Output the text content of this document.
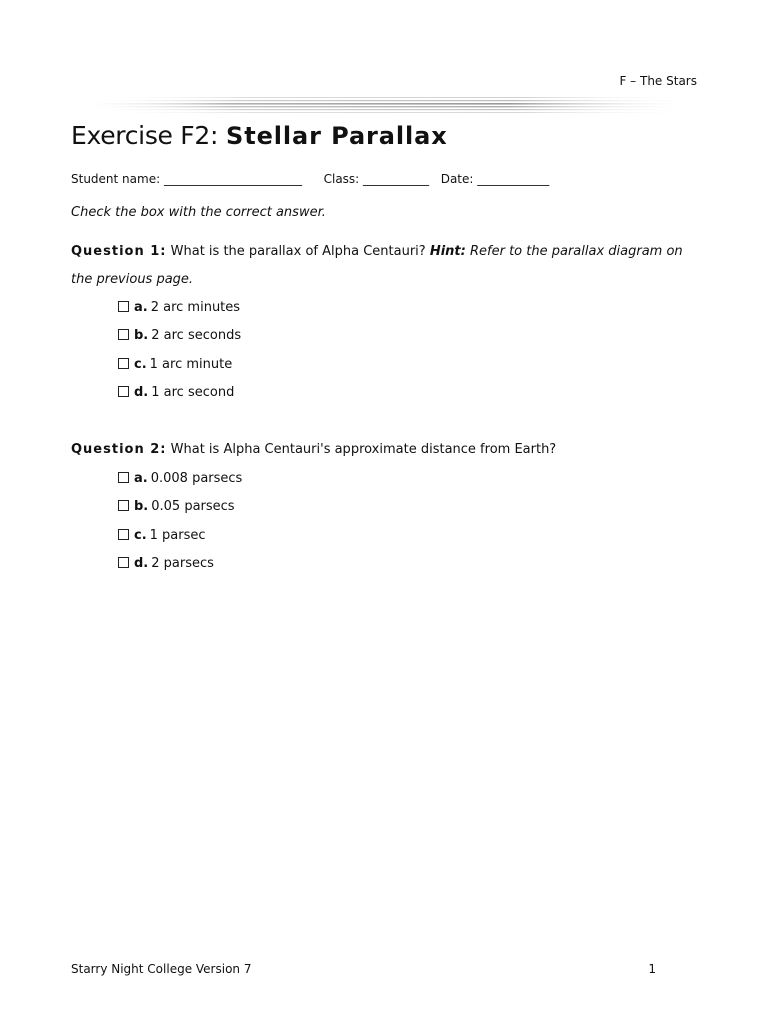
F – The Stars
Exercise F2: Stellar Parallax
Student name: _______________________ Class: ___________ Date: ____________
Check the box with the correct answer.
Question 1: What is the parallax of Alpha Centauri? Hint: Refer to the parallax diagram on the previous page.
a. 2 arc minutes
b. 2 arc seconds
c. 1 arc minute
d. 1 arc second
Question 2: What is Alpha Centauri's approximate distance from Earth?
a. 0.008 parsecs
b. 0.05 parsecs
c. 1 parsec
d. 2 parsecs
Starry Night College Version 7	1
